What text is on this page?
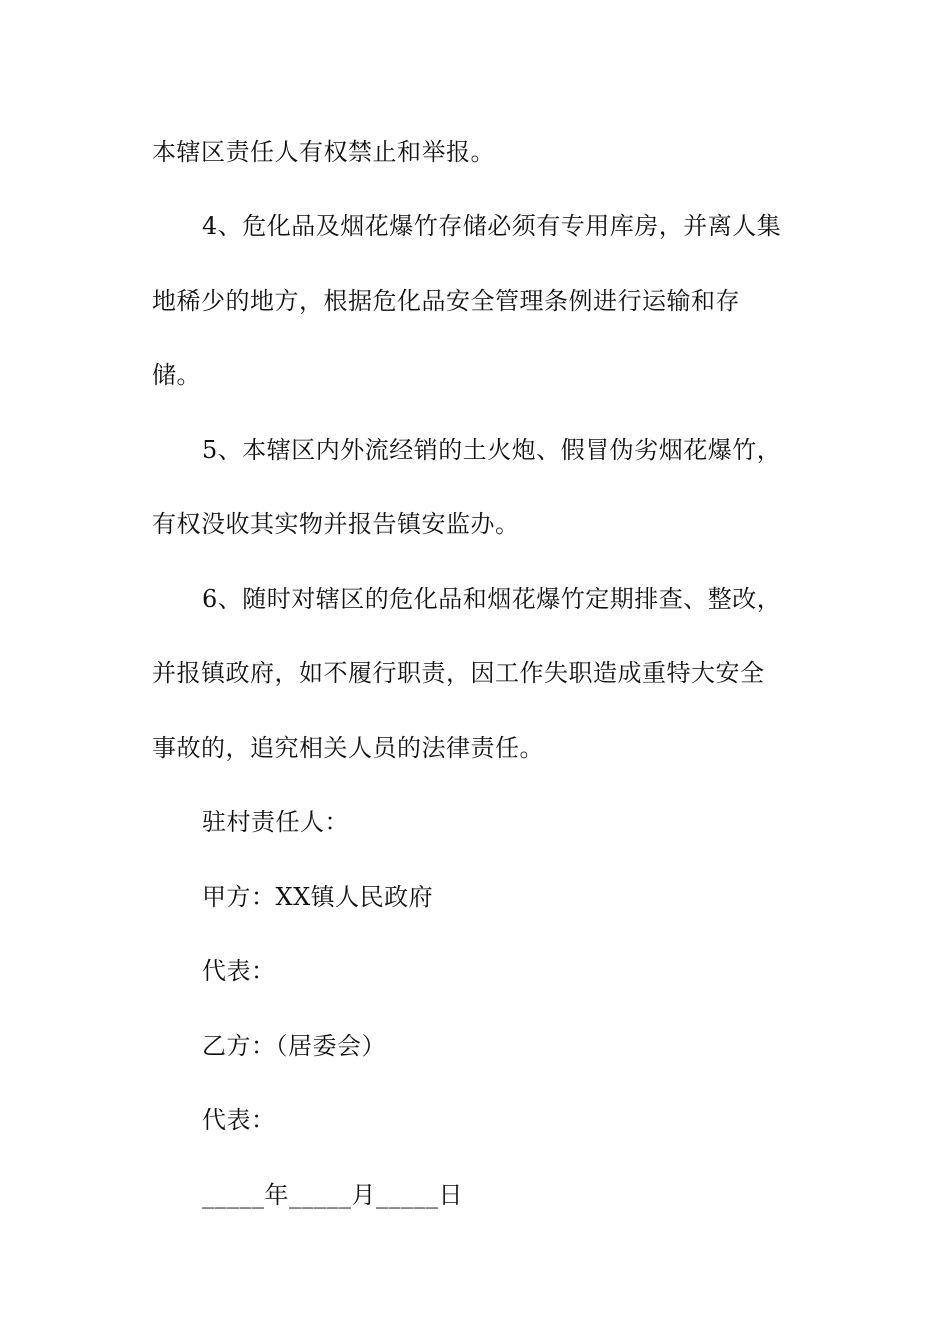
本辖区责任人有权禁止和举报。
4、危化品及烟花爆竹存储必须有专用库房，并离人集
地稀少的地方，根据危化品安全管理条例进行运输和存
储。
5、本辖区内外流经销的土火炮、假冒伪劣烟花爆竹，
有权没收其实物并报告镇安监办。
6、随时对辖区的危化品和烟花爆竹定期排查、整改，
并报镇政府，如不履行职责，因工作失职造成重特大安全
事故的，追究相关人员的法律责任。
驻村责任人：
甲方：XX镇人民政府
代表：
乙方：（居委会）
代表：
_____年_____月_____日
